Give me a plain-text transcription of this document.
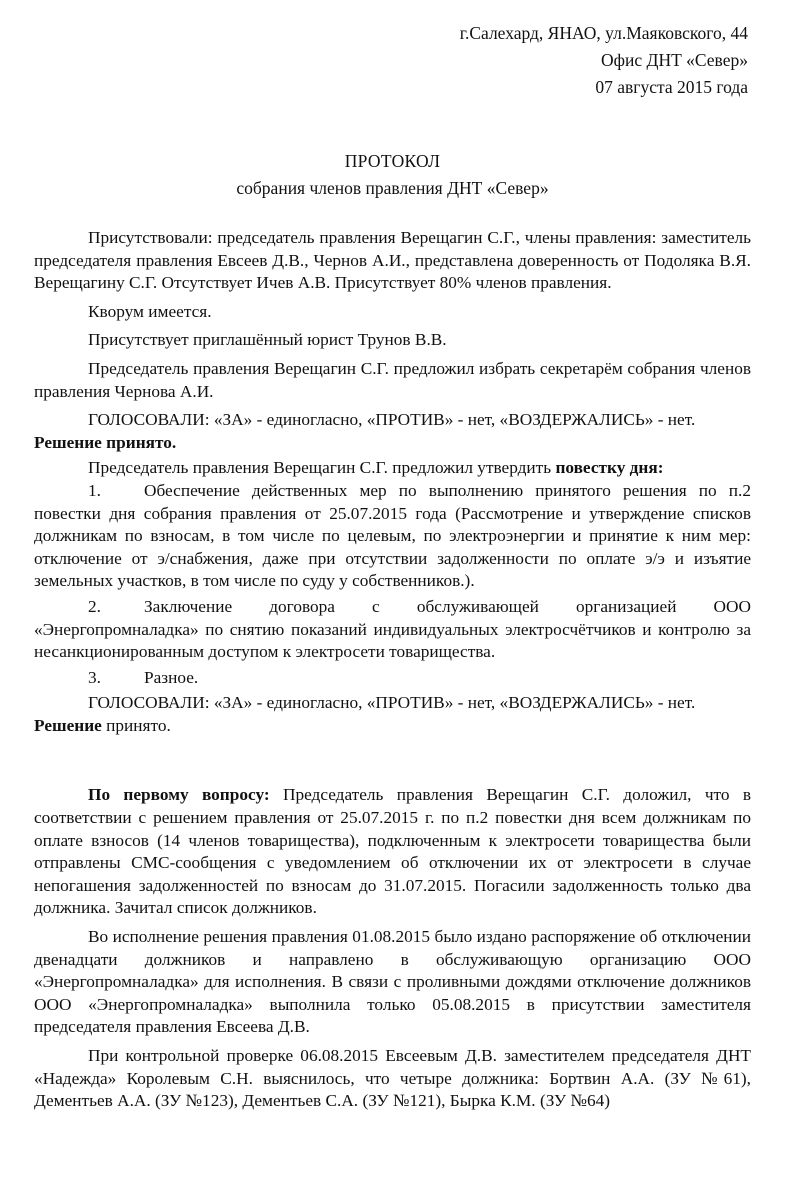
г.Салехард, ЯНАО, ул.Маяковского, 44
Офис ДНТ «Север»
07 августа 2015 года
ПРОТОКОЛ
собрания членов правления ДНТ «Север»

Присутствовали: председатель правления Верещагин С.Г., члены правления: заместитель председателя правления Евсеев Д.В., Чернов А.И., представлена доверенность от Подоляка В.Я. Верещагину С.Г. Отсутствует Ичев А.В. Присутствует 80% членов правления.

Кворум имеется.

Присутствует приглашённый юрист Трунов В.В.

Председатель правления Верещагин С.Г. предложил избрать секретарём собрания членов правления Чернова А.И.

ГОЛОСОВАЛИ: «ЗА» - единогласно, «ПРОТИВ» - нет, «ВОЗДЕРЖАЛИСЬ» - нет.

Решение принято.

Председатель правления Верещагин С.Г. предложил утвердить повестку дня:

1. Обеспечение действенных мер по выполнению принятого решения по п.2 повестки дня собрания правления от 25.07.2015 года (Рассмотрение и утверждение списков должникам по взносам, в том числе по целевым, по электроэнергии и принятие к ним мер: отключение от э/снабжения, даже при отсутствии задолженности по оплате э/э и изъятие земельных участков, в том числе по суду у собственников.).

2. Заключение договора с обслуживающей организацией ООО «Энергопромналадка» по снятию показаний индивидуальных электросчётчиков и контролю за несанкционированным доступом к электросети товарищества.

3. Разное.

ГОЛОСОВАЛИ: «ЗА» - единогласно, «ПРОТИВ» - нет, «ВОЗДЕРЖАЛИСЬ» - нет.

Решение принято.

По первому вопросу: Председатель правления Верещагин С.Г. доложил, что в соответствии с решением правления от 25.07.2015 г. по п.2 повестки дня всем должникам по оплате взносов (14 членов товарищества), подключенным к электросети товарищества были отправлены СМС-сообщения с уведомлением об отключении их от электросети в случае непогашения задолженностей по взносам до 31.07.2015. Погасили задолженность только два должника. Зачитал список должников.

Во исполнение решения правления 01.08.2015 было издано распоряжение об отключении двенадцати должников и направлено в обслуживающую организацию ООО «Энергопромналадка» для исполнения. В связи с проливными дождями отключение должников ООО «Энергопромналадка» выполнила только 05.08.2015 в присутствии заместителя председателя правления Евсеева Д.В.

При контрольной проверке 06.08.2015 Евсеевым Д.В. заместителем председателя ДНТ «Надежда» Королевым С.Н. выяснилось, что четыре должника: Бортвин А.А. (ЗУ №61), Дементьев А.А. (ЗУ №123), Дементьев С.А. (ЗУ №121), Бырка К.М. (ЗУ №64)
